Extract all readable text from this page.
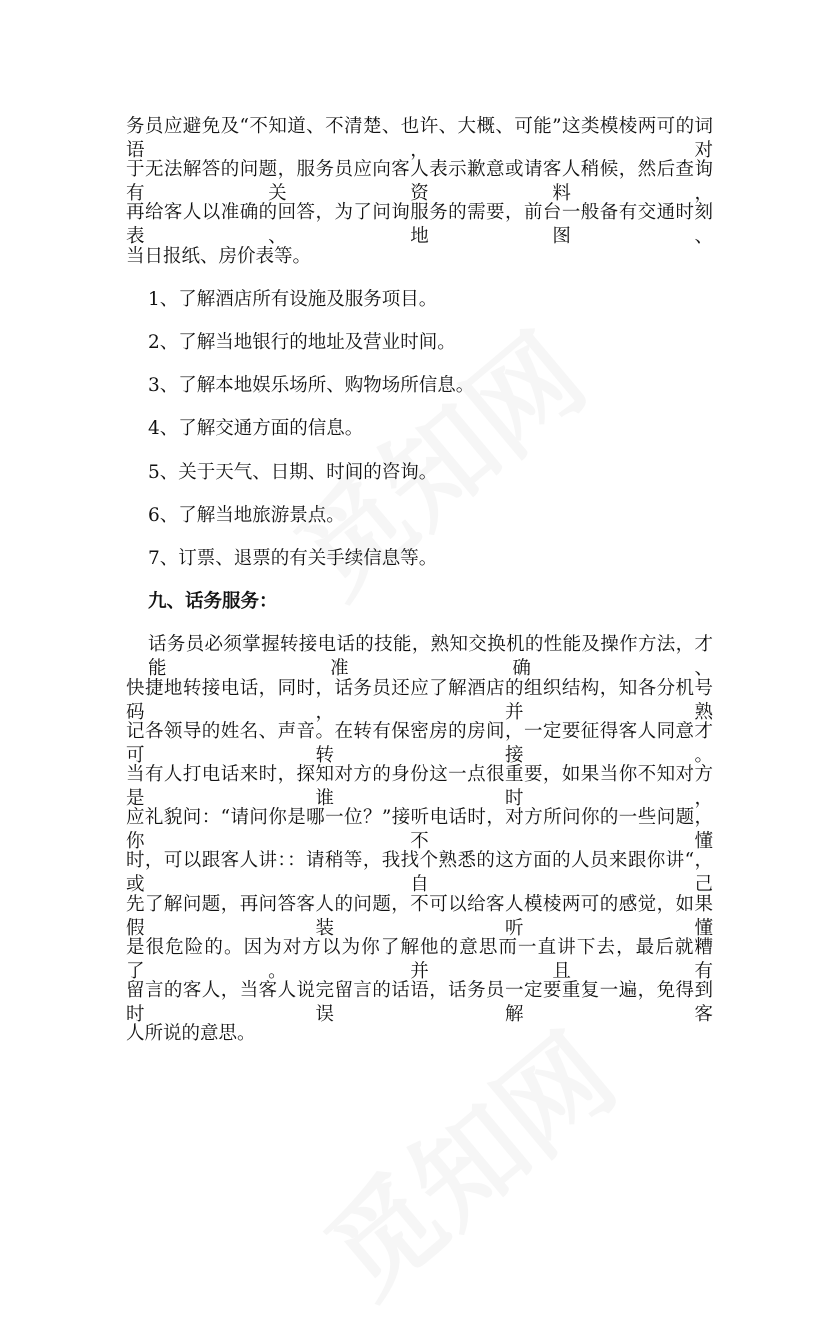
务员应避免及“不知道、不清楚、也许、大概、可能”这类模棱两可的词语，对
于无法解答的问题，服务员应向客人表示歉意或请客人稍候，然后查询有关资料，
再给客人以准确的回答，为了问询服务的需要，前台一般备有交通时刻表、地图、
当日报纸、房价表等。
1、了解酒店所有设施及服务项目。
2、了解当地银行的地址及营业时间。
3、了解本地娱乐场所、购物场所信息。
4、了解交通方面的信息。
5、关于天气、日期、时间的咨询。
6、了解当地旅游景点。
7、订票、退票的有关手续信息等。
九、话务服务：
话务员必须掌握转接电话的技能，熟知交换机的性能及操作方法，才能准确、
快捷地转接电话，同时，话务员还应了解酒店的组织结构，知各分机号码，并熟
记各领导的姓名、声音。在转有保密房的房间，一定要征得客人同意才可转接。
当有人打电话来时，探知对方的身份这一点很重要，如果当你不知对方是谁时，
应礼貌问：“请问你是哪一位？”接听电话时，对方所问你的一些问题，你不懂
时，可以跟客人讲：：请稍等，我找个熟悉的这方面的人员来跟你讲“，或自己
先了解问题，再问答客人的问题，不可以给客人模棱两可的感觉，如果假装听懂
是很危险的。因为对方以为你了解他的意思而一直讲下去，最后就糟了。并且有
留言的客人，当客人说完留言的话语，话务员一定要重复一遍，免得到时误解客
人所说的意思。
